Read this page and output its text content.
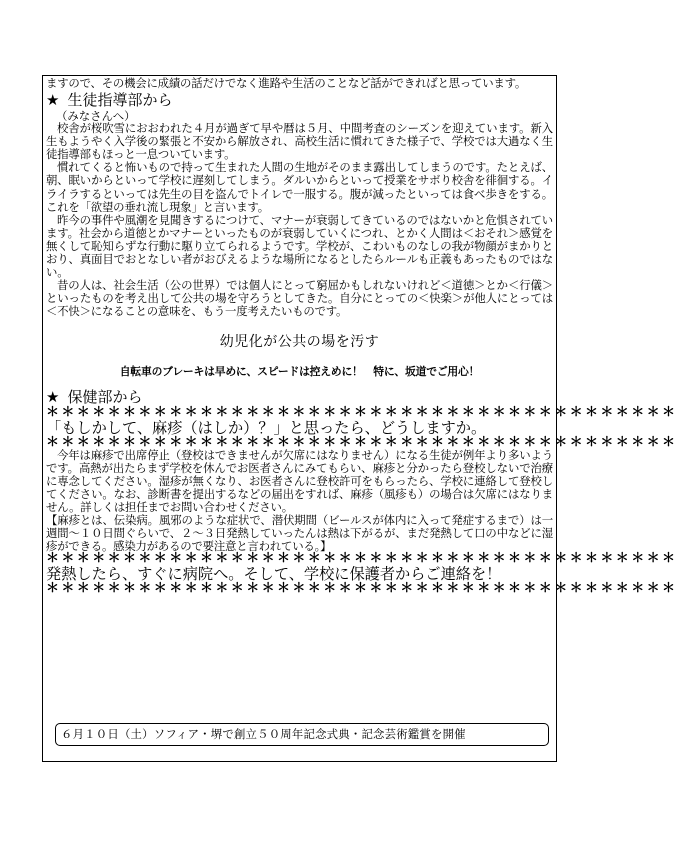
ますので、その機会に成績の話だけでなく進路や生活のことなど話ができればと思っています。

★ 生徒指導部から
（みなさんへ）

校舎が桜吹雪におおわれた４月が過ぎて早や暦は５月、中間考査のシーズンを迎えています。新入生もようやく入学後の緊張と不安から解放され、高校生活に慣れてきた様子で、学校では大過なく生徒指導部もほっと一息ついています。

慣れてくると怖いもので持って生まれた人間の生地がそのまま露出してしまうのです。たとえば、朝、眠いからといって学校に遅刻してしまう。ダルいからといって授業をサボり校舎を徘徊する。イライラするといっては先生の目を盗んでトイレで一服する。腹が減ったといっては食べ歩きをする。これを「欲望の垂れ流し現象」と言います。

昨今の事件や風潮を見聞きするにつけて、マナーが衰弱してきているのではないかと危惧されています。社会から道徳とかマナーといったものが衰弱していくにつれ、とかく人間は＜おそれ＞感覚を無くして恥知らずな行動に駆り立てられるようです。学校が、こわいものなしの我が物顔がまかりとおり、真面目でおとなしい者がおびえるような場所になるとしたらルールも正義もあったものではない。

昔の人は、社会生活（公の世界）では個人にとって窮屈かもしれないけれど＜道徳＞とか＜行儀＞といったものを考え出して公共の場を守ろうとしてきた。自分にとっての＜快楽＞が他人にとっては＜不快＞になることの意味を、もう一度考えたいものです。

幼児化が公共の場を汚す
自転車のブレーキは早めに、スピードは控えめに！　特に、坂道でご用心！
★ 保健部から
＊＊＊＊＊＊＊＊＊＊＊＊＊＊＊＊＊＊＊＊＊＊＊＊＊＊＊＊＊＊＊＊＊＊＊＊＊＊＊＊＊
「もしかして、麻疹（はしか）？」と思ったら、どうしますか。
＊＊＊＊＊＊＊＊＊＊＊＊＊＊＊＊＊＊＊＊＊＊＊＊＊＊＊＊＊＊＊＊＊＊＊＊＊＊＊＊＊

今年は麻疹で出席停止（登校はできませんが欠席にはなりません）になる生徒が例年より多いようです。高熱が出たらまず学校を休んでお医者さんにみてもらい、麻疹と分かったら登校しないで治療に専念してください。湿疹が無くなり、お医者さんに登校許可をもらったら、学校に連絡して登校してください。なお、診断書を提出するなどの届出をすれば、麻疹（風疹も）の場合は欠席にはなりません。詳しくは担任までお問い合わせください。

【麻疹とは、伝染病。風邪のような症状で、潜伏期間（ビールスが体内に入って発症するまで）は一週間〜１０日間ぐらいで、２〜３日発熱していったんは熱は下がるが、まだ発熱して口の中などに湿疹ができる。感染力があるので要注意と言われている。】

＊＊＊＊＊＊＊＊＊＊＊＊＊＊＊＊＊＊＊＊＊＊＊＊＊＊＊＊＊＊＊＊＊＊＊＊＊＊＊＊＊
発熱したら、すぐに病院へ。そして、学校に保護者からご連絡を！
＊＊＊＊＊＊＊＊＊＊＊＊＊＊＊＊＊＊＊＊＊＊＊＊＊＊＊＊＊＊＊＊＊＊＊＊＊＊＊＊＊
６月１０日（土）ソフィア・堺で創立５０周年記念式典・記念芸術鑑賞を開催
